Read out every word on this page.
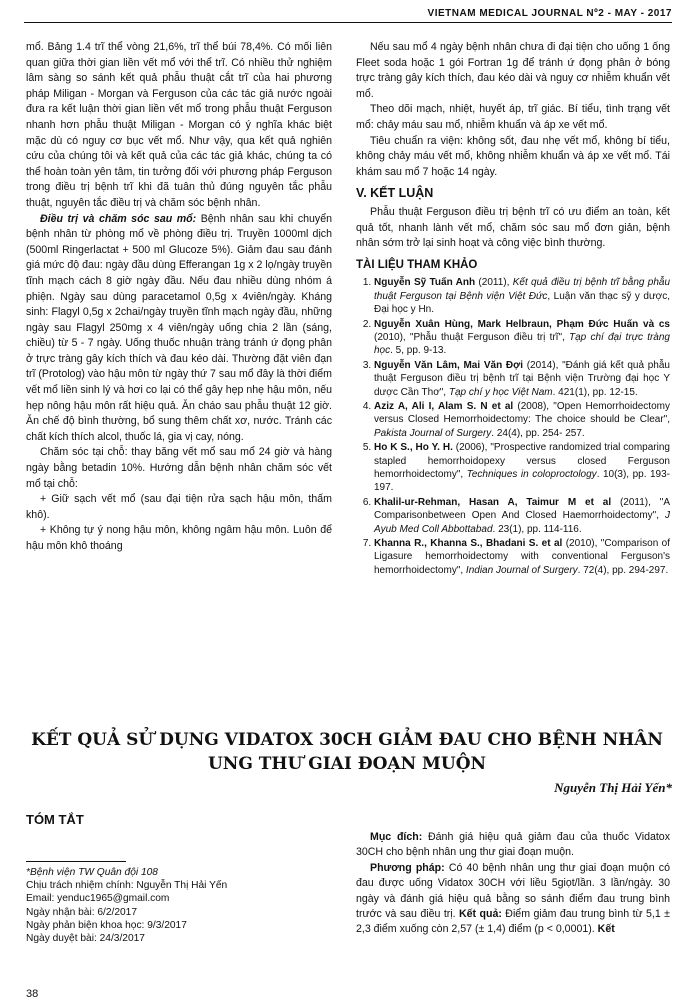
VIETNAM MEDICAL JOURNAL Nº2 - MAY - 2017

mổ. Bảng 1.4 trĩ thể vòng 21,6%, trĩ thể búi 78,4%. Có mối liên quan giữa thời gian liền vết mổ với thể trĩ. Có nhiều thử nghiệm lâm sàng so sánh kết quả phẫu thuật cắt trĩ của hai phương pháp Miligan - Morgan và Ferguson của các tác giả nước ngoài đưa ra kết luận thời gian liền vết mổ trong phẫu thuật Ferguson nhanh hơn phẫu thuật Miligan - Morgan có ý nghĩa khác biệt mặc dù có nguy cơ bục vết mổ. Như vậy, qua kết quả nghiên cứu của chúng tôi và kết quả của các tác giả khác, chúng ta có thể hoàn toàn yên tâm, tin tưởng đối với phương pháp Ferguson trong điều trị bệnh trĩ khi đã tuân thủ đúng nguyên tắc phẫu thuật, nguyên tắc điều trị và chăm sóc bệnh nhân.

Điều trị và chăm sóc sau mổ: Bệnh nhân sau khi chuyển bệnh nhân từ phòng mổ về phòng điều trị. Truyền 1000ml dịch (500ml Ringerlactat + 500 ml Glucoze 5%). Giảm đau sau đánh giá mức độ đau: ngày đầu dùng Efferangan 1g x 2 lọ/ngày truyền tĩnh mạch cách 8 giờ ngày đầu. Nếu đau nhiều dùng nhóm á phiện. Ngày sau dùng paracetamol 0,5g x 4viên/ngày. Kháng sinh: Flagyl 0,5g x 2chai/ngày truyền tĩnh mạch ngày đầu, những ngày sau Flagyl 250mg x 4 viên/ngày uống chia 2 lần (sáng, chiều) từ 5 - 7 ngày. Uống thuốc nhuận tràng tránh ứ đọng phân ở trực tràng gây kích thích và đau kéo dài. Thường đặt viên đạn trĩ (Protolog) vào hậu môn từ ngày thứ 7 sau mổ đây là thời điểm vết mổ liền sinh lý và hơi co lại có thể gây hẹp nhẹ hậu môn, nếu hẹp nông hậu môn rất hiệu quả. Ăn cháo sau phẫu thuật 12 giờ. Ăn chế độ bình thường, bổ sung thêm chất xơ, nước. Tránh các chất kích thích alcol, thuốc lá, gia vị cay, nóng.

Chăm sóc tại chỗ: thay băng vết mổ sau mổ 24 giờ và hàng ngày bằng betadin 10%. Hướng dẫn bệnh nhân chăm sóc vết mổ tại chỗ:

+ Giữ sạch vết mổ (sau đại tiện rửa sạch hậu môn, thấm khô).

+ Không tự ý nong hậu môn, không ngâm hậu môn. Luôn để hậu môn khô thoáng

Nếu sau mổ 4 ngày bệnh nhân chưa đi đại tiện cho uống 1 ống Fleet soda hoặc 1 gói Fortran 1g để tránh ứ đọng phân ở bóng trực tràng gây kích thích, đau kéo dài và nguy cơ nhiễm khuẩn vết mổ.

Theo dõi mạch, nhiệt, huyết áp, trĩ giác. Bí tiểu, tình trạng vết mổ: chảy máu sau mổ, nhiễm khuẩn và áp xe vết mổ.

Tiêu chuẩn ra viện: không sốt, đau nhẹ vết mổ, không bí tiểu, không chảy máu vết mổ, không nhiễm khuẩn và áp xe vết mổ. Tái khám sau mổ 7 hoặc 14 ngày.

V. KẾT LUẬN

Phẫu thuật Ferguson điều trị bệnh trĩ có ưu điểm an toàn, kết quả tốt, nhanh lành vết mổ, chăm sóc sau mổ đơn giản, bệnh nhân sớm trở lại sinh hoạt và công việc bình thường.

TÀI LIỆU THAM KHẢO
1. Nguyễn Sỹ Tuấn Anh (2011), Kết quả điều trị bệnh trĩ bằng phẫu thuật Ferguson tại Bệnh viện Việt Đức, Luận văn thạc sỹ y dược, Đại học y Hn.
2. Nguyễn Xuân Hùng, Mark Helbraun, Phạm Đức Huấn và cs (2010), "Phẫu thuật Ferguson điều trị trĩ", Tạp chí đại trực tràng học. 5, pp. 9-13.
3. Nguyễn Văn Lâm, Mai Văn Đợi (2014), "Đánh giá kết quả phẫu thuật Ferguson điều trị bệnh trĩ tại Bệnh viện Trường đại học Y dược Cần Thơ", Tạp chí y học Việt Nam. 421(1), pp. 12-15.
4. Aziz A, Ali I, Alam S. N et al (2008), "Open Hemorrhoidectomy versus Closed Hemorrhoidectomy: The choice should be Clear", Pakista Journal of Surgery. 24(4), pp. 254- 257.
5. Ho K S., Ho Y. H. (2006), "Prospective randomized trial comparing stapled hemorrhoidopexy versus closed Ferguson hemorrhoidectomy", Techniques in coloproctology. 10(3), pp. 193-197.
6. Khalil-ur-Rehman, Hasan A, Taimur M et al (2011), "A Comparisonbetween Open And Closed Haemorrhoidectomy", J Ayub Med Coll Abbottabad. 23(1), pp. 114-116.
7. Khanna R., Khanna S., Bhadani S. et al (2010), "Comparison of Ligasure hemorrhoidectomy with conventional Ferguson's hemorrhoidectomy", Indian Journal of Surgery. 72(4), pp. 294-297.
KẾT QUẢ SỬ DỤNG VIDATOX 30CH GIẢM ĐAU CHO BỆNH NHÂN UNG THƯ GIAI ĐOẠN MUỘN
Nguyễn Thị Hải Yến*
TÓM TẮT
*Bệnh viện TW Quân đội 108
Chịu trách nhiệm chính: Nguyễn Thị Hải Yến
Email: yenduc1965@gmail.com
Ngày nhận bài: 6/2/2017
Ngày phản biện khoa học: 9/3/2017
Ngày duyệt bài: 24/3/2017

Mục đích: Đánh giá hiệu quả giảm đau của thuốc Vidatox 30CH cho bệnh nhân ung thư giai đoạn muộn.

Phương pháp: Có 40 bệnh nhân ung thư giai đoạn muộn có đau được uống Vidatox 30CH với liều 5giọt/lần. 3 lần/ngày. 30 ngày và đánh giá hiệu quả bằng so sánh điểm đau trung bình trước và sau điều trị. Kết quả: Điểm giảm đau trung bình từ 5,1 ± 2,3 điểm xuống còn 2,57 (± 1,4) điểm (p < 0,0001). Kết

38
